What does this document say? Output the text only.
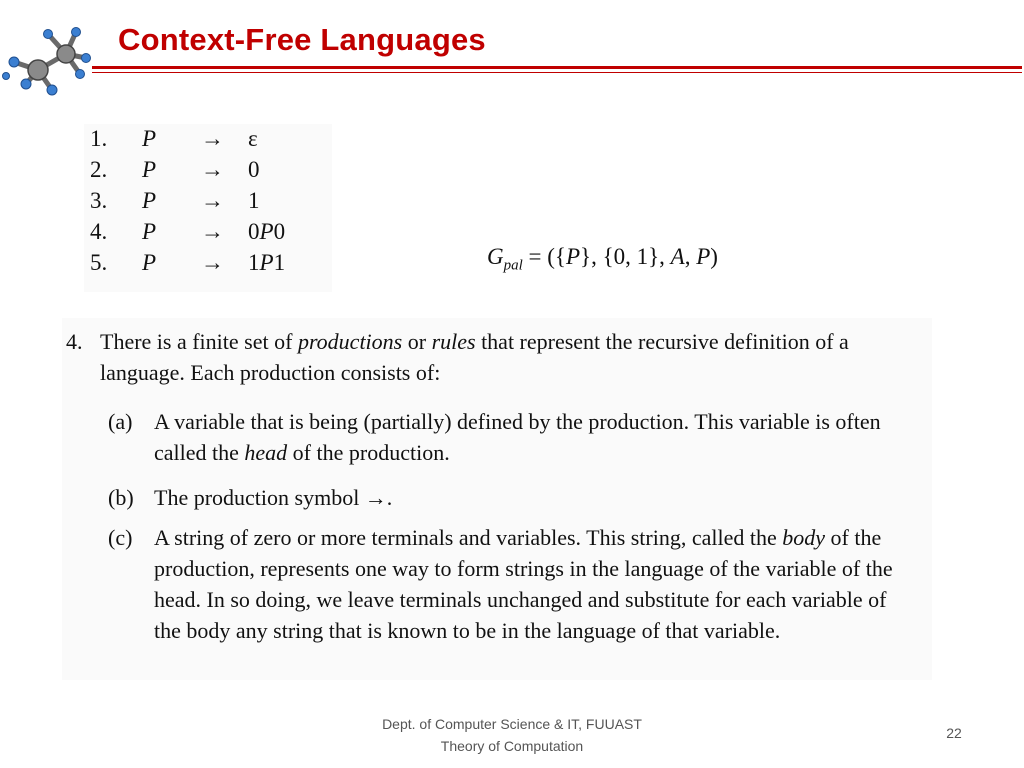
Context-Free Languages
1. P → ε
2. P → 0
3. P → 1
4. P → 0P0
5. P → 1P1	$G_{pal} = (\{P\}$, {0, 1}, A, P)
4. There is a finite set of productions or rules that represent the recursive definition of a language. Each production consists of:
(a) A variable that is being (partially) defined by the production. This variable is often called the head of the production.
(b) The production symbol →.
(c) A string of zero or more terminals and variables. This string, called the body of the production, represents one way to form strings in the language of the variable of the head. In so doing, we leave terminals unchanged and substitute for each variable of the body any string that is known to be in the language of that variable.
Dept. of Computer Science & IT, FUUAST
Theory of Computation
22
